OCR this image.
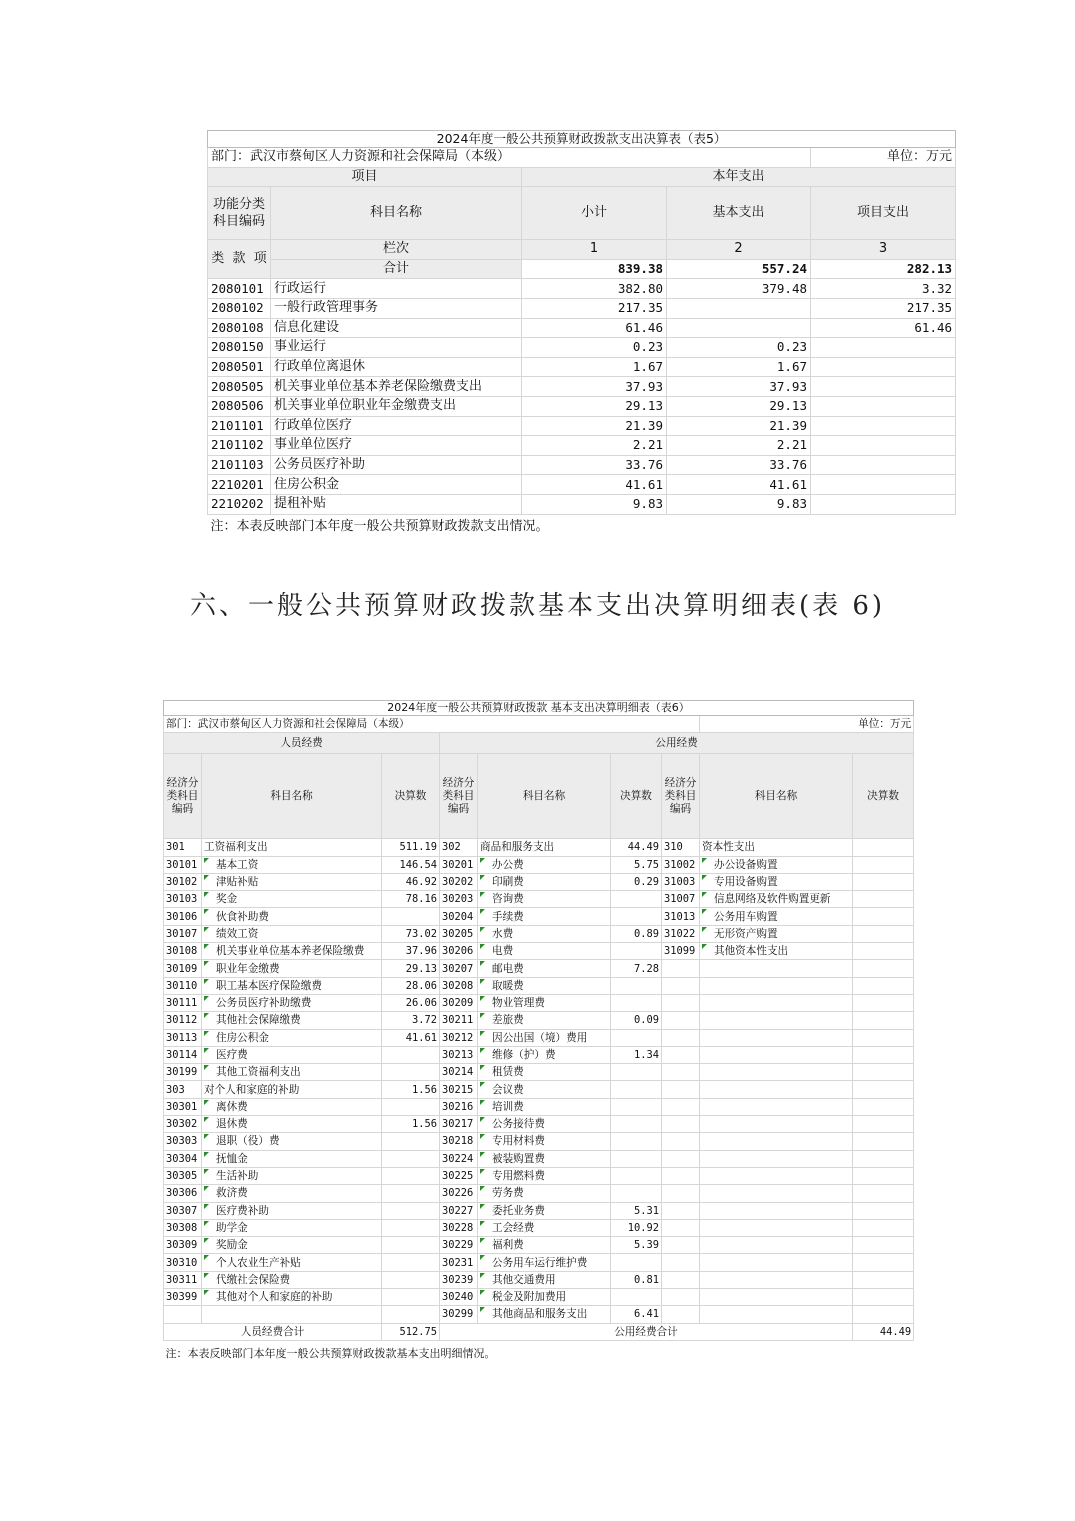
2024年度一般公共预算财政拨款支出决算表（表5）				
部门：武汉市蔡甸区人力资源和社会保障局（本级）				单位：万元
项目		本年支出		
功能分类
科目编码	科目名称	小计	基本支出	项目支出
类 款 项	栏次	1	2	3
	合计	839.38	557.24	282.13
2080101	行政运行	382.80	379.48	3.32
2080102	一般行政管理事务	217.35		217.35
2080108	信息化建设	61.46		61.46
2080150	事业运行	0.23	0.23	
2080501	行政单位离退休	1.67	1.67	
2080505	机关事业单位基本养老保险缴费支出	37.93	37.93	
2080506	机关事业单位职业年金缴费支出	29.13	29.13	
2101101	行政单位医疗	21.39	21.39	
2101102	事业单位医疗	2.21	2.21	
2101103	公务员医疗补助	33.76	33.76	
2210201	住房公积金	41.61	41.61	
2210202	提租补贴	9.83	9.83	
注：本表反映部门本年度一般公共预算财政拨款支出情况。				
六、一般公共预算财政拨款基本支出决算明细表(表 6)
2024年度一般公共预算财政拨款 基本支出决算明细表（表6）								
部门：武汉市蔡甸区人力资源和社会保障局（本级）							单位：万元	
人员经费			公用经费					
经济分类科目编码	科目名称	决算数	经济分类科目编码	科目名称	决算数	经济分类科目编码	科目名称	决算数
301	工资福利支出	511.19	302	商品和服务支出	44.49	310	资本性支出	
30101	基本工资	146.54	30201	办公费	5.75	31002	办公设备购置	
30102	津贴补贴	46.92	30202	印刷费	0.29	31003	专用设备购置	
30103	奖金	78.16	30203	咨询费		31007	信息网络及软件购置更新	
30106	伙食补助费		30204	手续费		31013	公务用车购置	
30107	绩效工资	73.02	30205	水费	0.89	31022	无形资产购置	
30108	机关事业单位基本养老保险缴费	37.96	30206	电费		31099	其他资本性支出	
30109	职业年金缴费	29.13	30207	邮电费	7.28			
30110	职工基本医疗保险缴费	28.06	30208	取暖费				
30111	公务员医疗补助缴费	26.06	30209	物业管理费				
30112	其他社会保障缴费	3.72	30211	差旅费	0.09			
30113	住房公积金	41.61	30212	因公出国（境）费用				
30114	医疗费		30213	维修（护）费	1.34			
30199	其他工资福利支出		30214	租赁费				
303	对个人和家庭的补助	1.56	30215	会议费				
30301	离休费		30216	培训费				
30302	退休费	1.56	30217	公务接待费				
30303	退职（役）费		30218	专用材料费				
30304	抚恤金		30224	被装购置费				
30305	生活补助		30225	专用燃料费				
30306	救济费		30226	劳务费				
30307	医疗费补助		30227	委托业务费	5.31			
30308	助学金		30228	工会经费	10.92			
30309	奖励金		30229	福利费	5.39			
30310	个人农业生产补贴		30231	公务用车运行维护费				
30311	代缴社会保险费		30239	其他交通费用	0.81			
30399	其他对个人和家庭的补助		30240	税金及附加费用				
			30299	其他商品和服务支出	6.41			
人员经费合计		512.75	公用经费合计					44.49
注：本表反映部门本年度一般公共预算财政拨款基本支出明细情况。								
